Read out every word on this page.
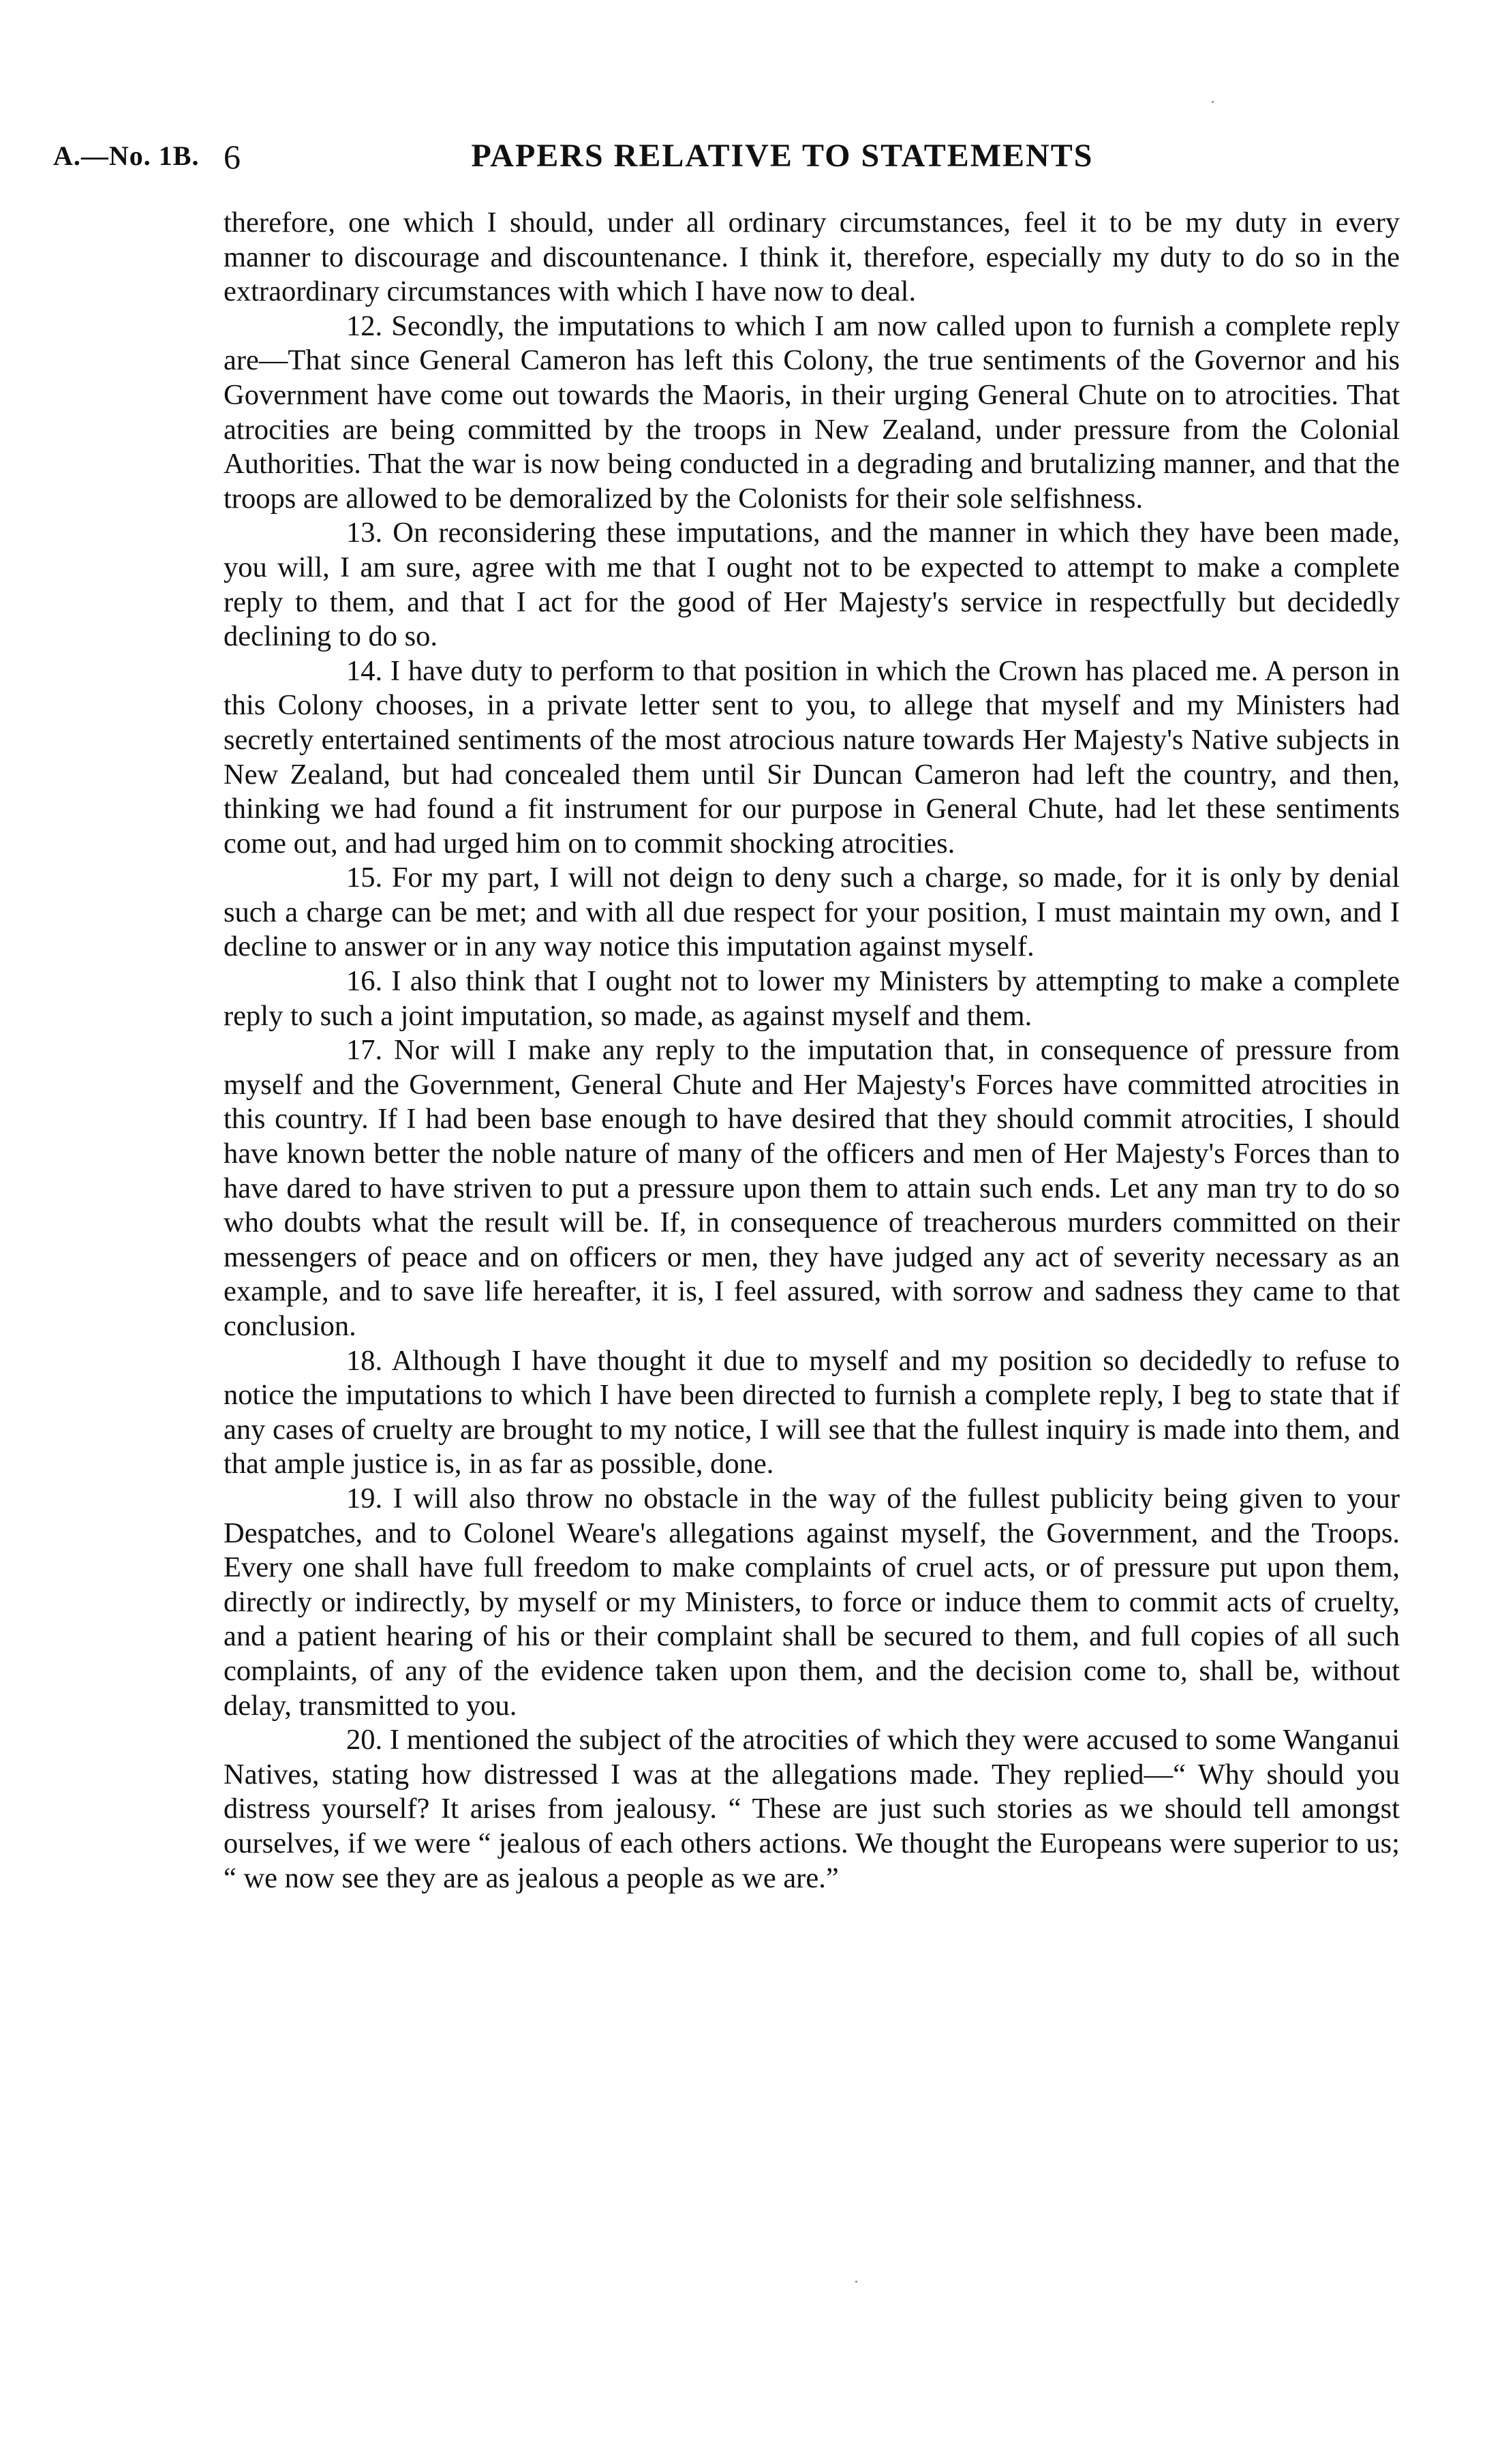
A.—No. 1B. 6	PAPERS RELATIVE TO STATEMENTS

therefore, one which I should, under all ordinary circumstances, feel it to be my duty in every manner to discourage and discountenance. I think it, therefore, especially my duty to do so in the extraordinary circumstances with which I have now to deal.

12. Secondly, the imputations to which I am now called upon to furnish a complete reply are—That since General Cameron has left this Colony, the true sentiments of the Governor and his Government have come out towards the Maoris, in their urging General Chute on to atrocities. That atrocities are being committed by the troops in New Zealand, under pressure from the Colonial Authorities. That the war is now being conducted in a degrading and brutalizing manner, and that the troops are allowed to be demoralized by the Colonists for their sole selfishness.

13. On reconsidering these imputations, and the manner in which they have been made, you will, I am sure, agree with me that I ought not to be expected to attempt to make a complete reply to them, and that I act for the good of Her Majesty's service in respectfully but decidedly declining to do so.

14. I have duty to perform to that position in which the Crown has placed me. A person in this Colony chooses, in a private letter sent to you, to allege that myself and my Ministers had secretly entertained sentiments of the most atrocious nature towards Her Majesty's Native subjects in New Zealand, but had concealed them until Sir Duncan Cameron had left the country, and then, thinking we had found a fit instrument for our purpose in General Chute, had let these sentiments come out, and had urged him on to commit shocking atrocities.

15. For my part, I will not deign to deny such a charge, so made, for it is only by denial such a charge can be met; and with all due respect for your position, I must maintain my own, and I decline to answer or in any way notice this imputation against myself.

16. I also think that I ought not to lower my Ministers by attempting to make a complete reply to such a joint imputation, so made, as against myself and them.

17. Nor will I make any reply to the imputation that, in consequence of pressure from myself and the Government, General Chute and Her Majesty's Forces have committed atrocities in this country. If I had been base enough to have desired that they should commit atrocities, I should have known better the noble nature of many of the officers and men of Her Majesty's Forces than to have dared to have striven to put a pressure upon them to attain such ends. Let any man try to do so who doubts what the result will be. If, in consequence of treacherous murders committed on their messengers of peace and on officers or men, they have judged any act of severity necessary as an example, and to save life hereafter, it is, I feel assured, with sorrow and sadness they came to that conclusion.

18. Although I have thought it due to myself and my position so decidedly to refuse to notice the imputations to which I have been directed to furnish a complete reply, I beg to state that if any cases of cruelty are brought to my notice, I will see that the fullest inquiry is made into them, and that ample justice is, in as far as possible, done.

19. I will also throw no obstacle in the way of the fullest publicity being given to your Despatches, and to Colonel Weare's allegations against myself, the Government, and the Troops. Every one shall have full freedom to make complaints of cruel acts, or of pressure put upon them, directly or indirectly, by myself or my Ministers, to force or induce them to commit acts of cruelty, and a patient hearing of his or their complaint shall be secured to them, and full copies of all such complaints, of any of the evidence taken upon them, and the decision come to, shall be, without delay, transmitted to you.

20. I mentioned the subject of the atrocities of which they were accused to some Wanganui Natives, stating how distressed I was at the allegations made. They replied—“ Why should you distress yourself? It arises from jealousy. “ These are just such stories as we should tell amongst ourselves, if we were “ jealous of each others actions. We thought the Europeans were superior to us; “ we now see they are as jealous a people as we are.”
